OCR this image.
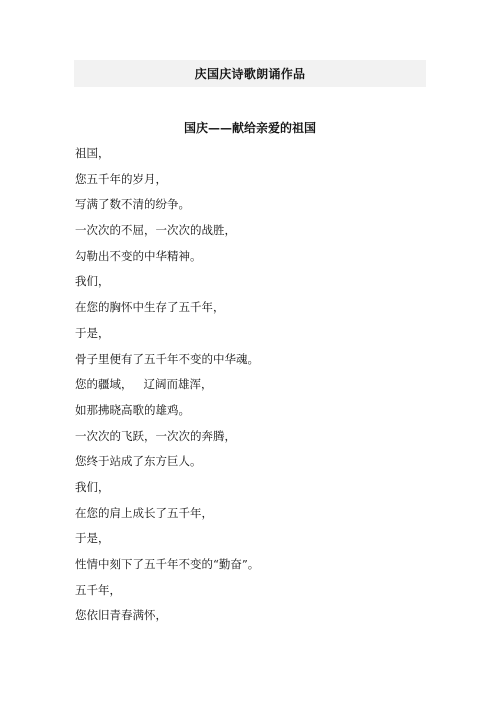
庆国庆诗歌朗诵作品
国庆——献给亲爱的祖国
祖国，
您五千年的岁月，
写满了数不清的纷争。
一次次的不屈，一次次的战胜，
勾勒出不变的中华精神。
我们，
在您的胸怀中生存了五千年，
于是，
骨子里便有了五千年不变的中华魂。
您的疆域，   辽阔而雄浑，
如那拂晓高歌的雄鸡。
一次次的飞跃，一次次的奔腾，
您终于站成了东方巨人。
我们，
在您的肩上成长了五千年，
于是，
性情中刻下了五千年不变的“勤奋”。
五千年，
您依旧青春满怀，
